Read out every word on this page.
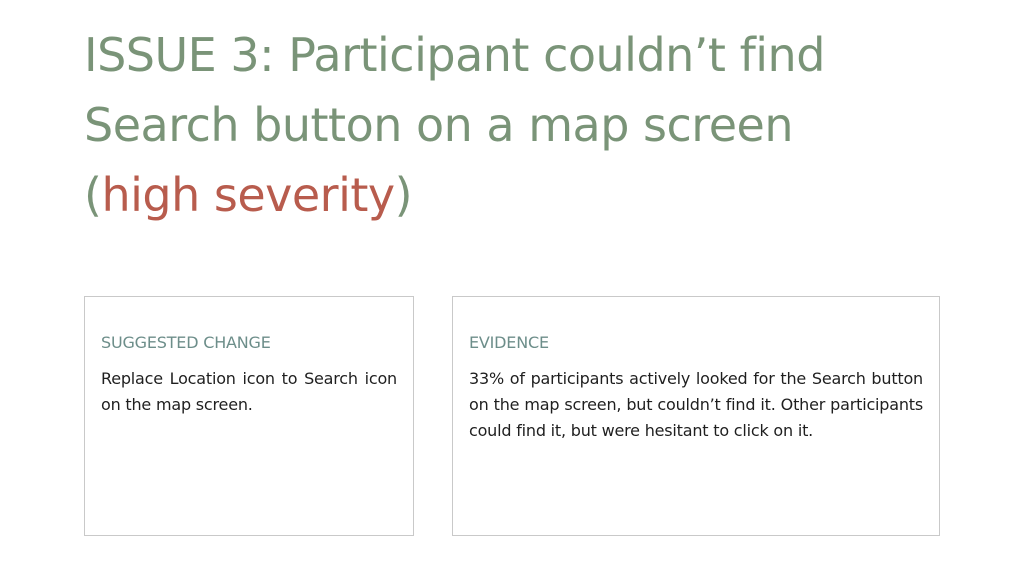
ISSUE 3: Participant couldn’t find
Search button on a map screen
(high severity)
SUGGESTED CHANGE

Replace Location icon to Search icon on the map screen.

EVIDENCE

33% of participants actively looked for the Search button on the map screen, but couldn’t find it. Other participants could find it, but were hesitant to click on it.
